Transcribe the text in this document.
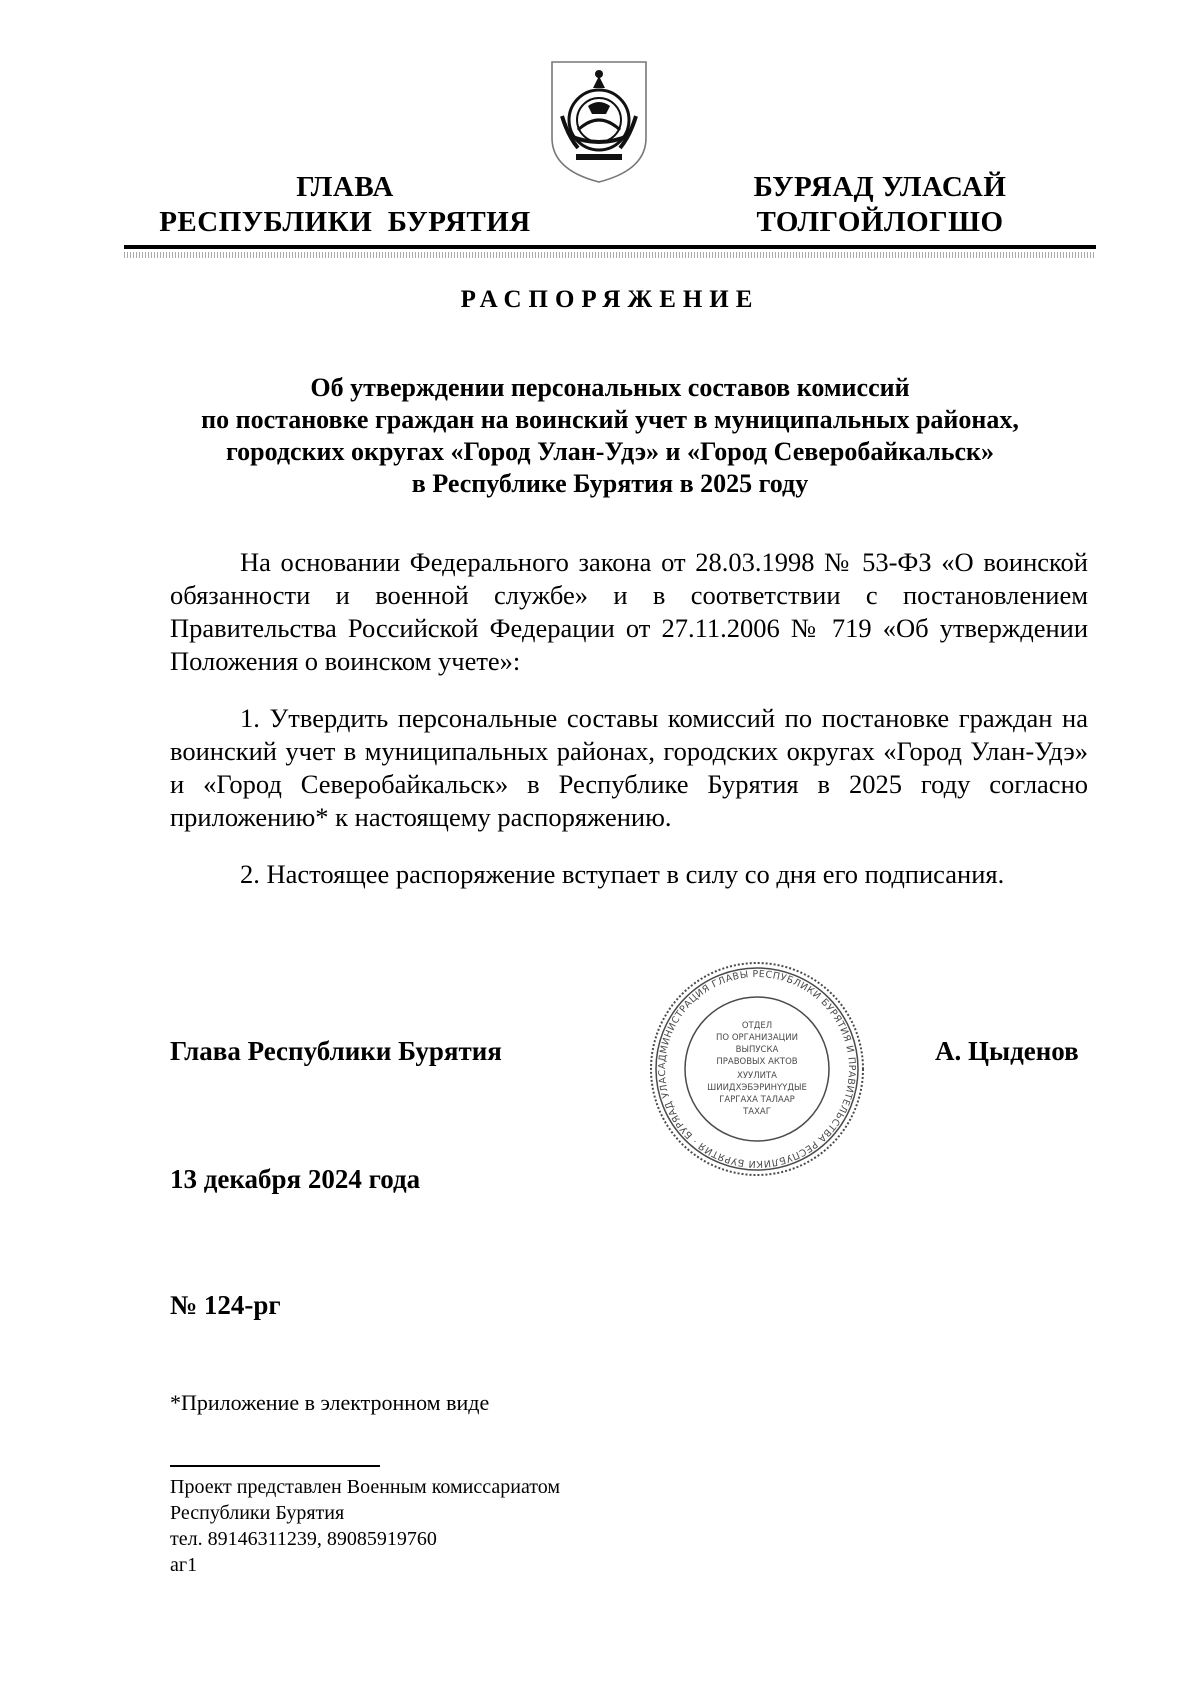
ГЛАВА
РЕСПУБЛИКИ  БУРЯТИЯ
БУРЯАД УЛАСАЙ
ТОЛГОЙЛОГШО
РАСПОРЯЖЕНИЕ
Об утверждении персональных составов комиссий
по постановке граждан на воинский учет в муниципальных районах,
городских округах «Город Улан-Удэ» и «Город Северобайкальск»
в Республике Бурятия в 2025 году

На основании Федерального закона от 28.03.1998 № 53-ФЗ «О воинской обязанности и военной службе» и в соответствии с постановлением Правительства Российской Федерации от 27.11.2006 № 719 «Об утверждении Положения о воинском учете»:

1. Утвердить персональные составы комиссий по постановке граждан на воинский учет в муниципальных районах, городских округах «Город Улан-Удэ» и «Город Северобайкальск» в Республике Бурятия в 2025 году согласно приложению* к настоящему распоряжению.

2. Настоящее распоряжение вступает в силу со дня его подписания.

Глава Республики Бурятия	А. Цыденов
АДМИНИСТРАЦИЯ ГЛАВЫ РЕСПУБЛИКИ БУРЯТИЯ И ПРАВИТЕЛЬСТВА РЕСПУБЛИКИ БУРЯТИЯ · БУРЯАД УЛАС
ОТДЕЛ
ПО ОРГАНИЗАЦИИ
ВЫПУСКА
ПРАВОВЫХ АКТОВ
ХУУЛИТА
ШИИДХЭБЭРИНҮҮДЫЕ
ГАРГАХА ТАЛААР
ТАХАГ
13 декабря 2024 года
№ 124-рг
*Приложение в электронном виде
Проект представлен Военным комиссариатом
Республики Бурятия
тел. 89146311239, 89085919760
аг1
